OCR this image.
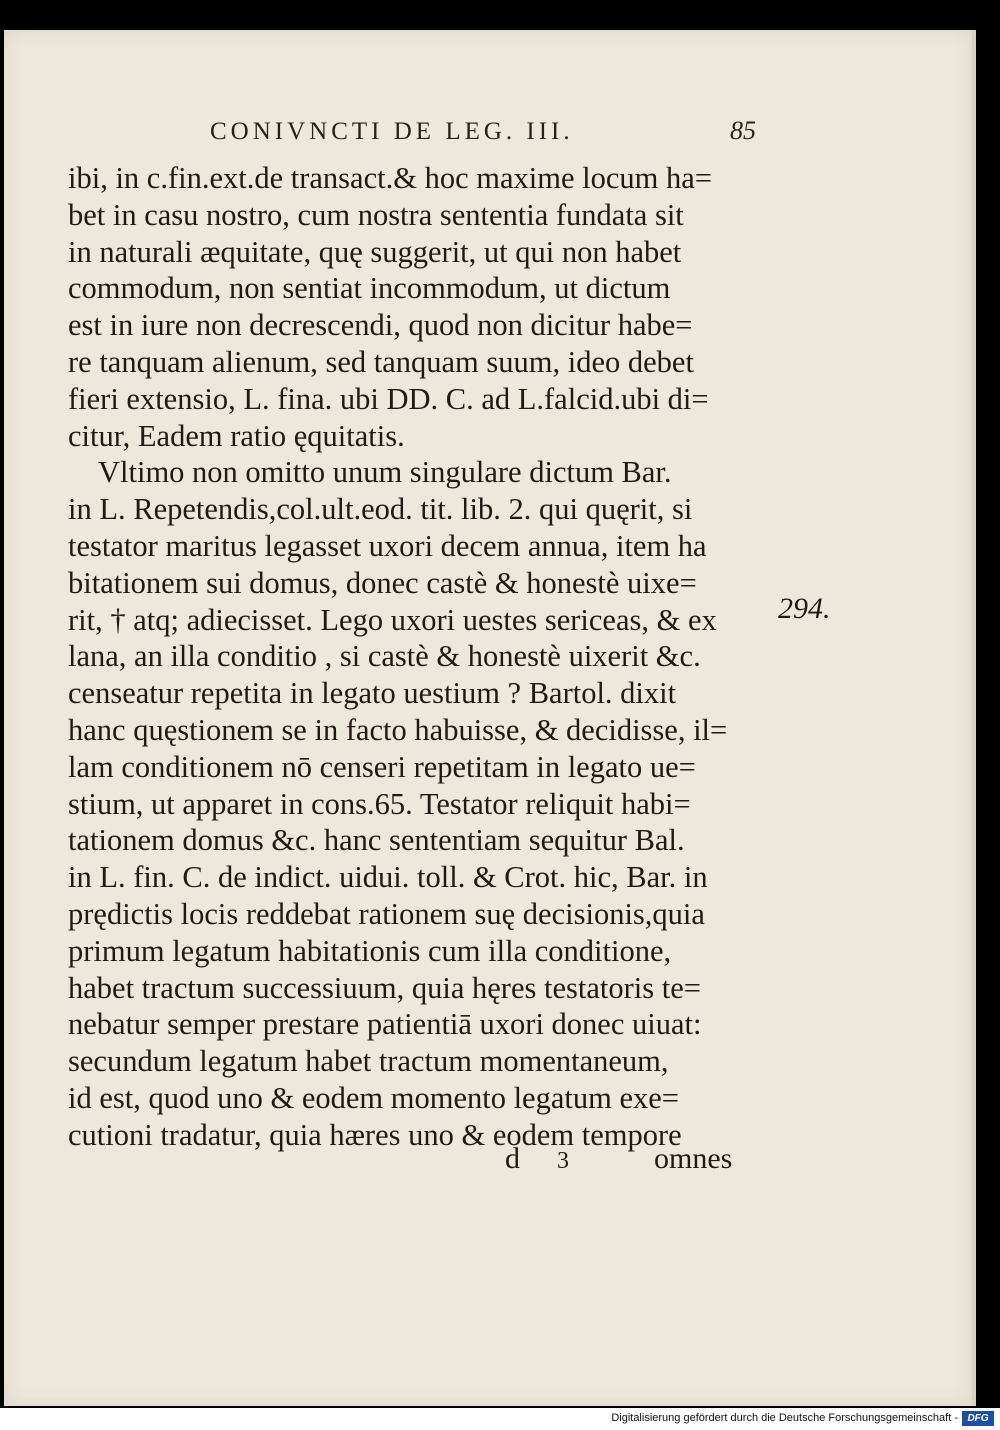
CONIVNCTI DE LEG. III.	85
ibi, in c.fin.ext.de transact.& hoc maxime locum ha=
bet in casu nostro, cum nostra sententia fundata sit
in naturali æquitate, quę suggerit, ut qui non habet
commodum, non sentiat incommodum, ut dictum
est in iure non decrescendi, quod non dicitur habe=
re tanquam alienum, sed tanquam suum, ideo debet
fieri extensio, L. fina. ubi DD. C. ad L.falcid.ubi di=
citur, Eadem ratio ęquitatis.
Vltimo non omitto unum singulare dictum Bar.
in L. Repetendis,col.ult.eod. tit. lib. 2. qui quęrit, si
testator maritus legasset uxori decem annua, item ha
bitationem sui domus, donec castè & honestè uixe=
rit, † atq; adiecisset. Lego uxori uestes sericeas, & ex
lana, an illa conditio , si castè & honestè uixerit &c.
censeatur repetita in legato uestium ? Bartol. dixit
hanc quęstionem se in facto habuisse, & decidisse, il=
lam conditionem nō censeri repetitam in legato ue=
stium, ut apparet in cons.65. Testator reliquit habi=
tationem domus &c. hanc sententiam sequitur Bal.
in L. fin. C. de indict. uidui. toll. & Crot. hic, Bar. in
prędictis locis reddebat rationem suę decisionis,quia
primum legatum habitationis cum illa conditione,
habet tractum successiuum, quia hęres testatoris te=
nebatur semper prestare patientiā uxori donec uiuat:
secundum legatum habet tractum momentaneum,
id est, quod uno & eodem momento legatum exe=
cutioni tradatur, quia hæres uno & eodem tempore
294.
d 3	omnes
Digitalisierung gefördert durch die Deutsche Forschungsgemeinschaft - DFG
